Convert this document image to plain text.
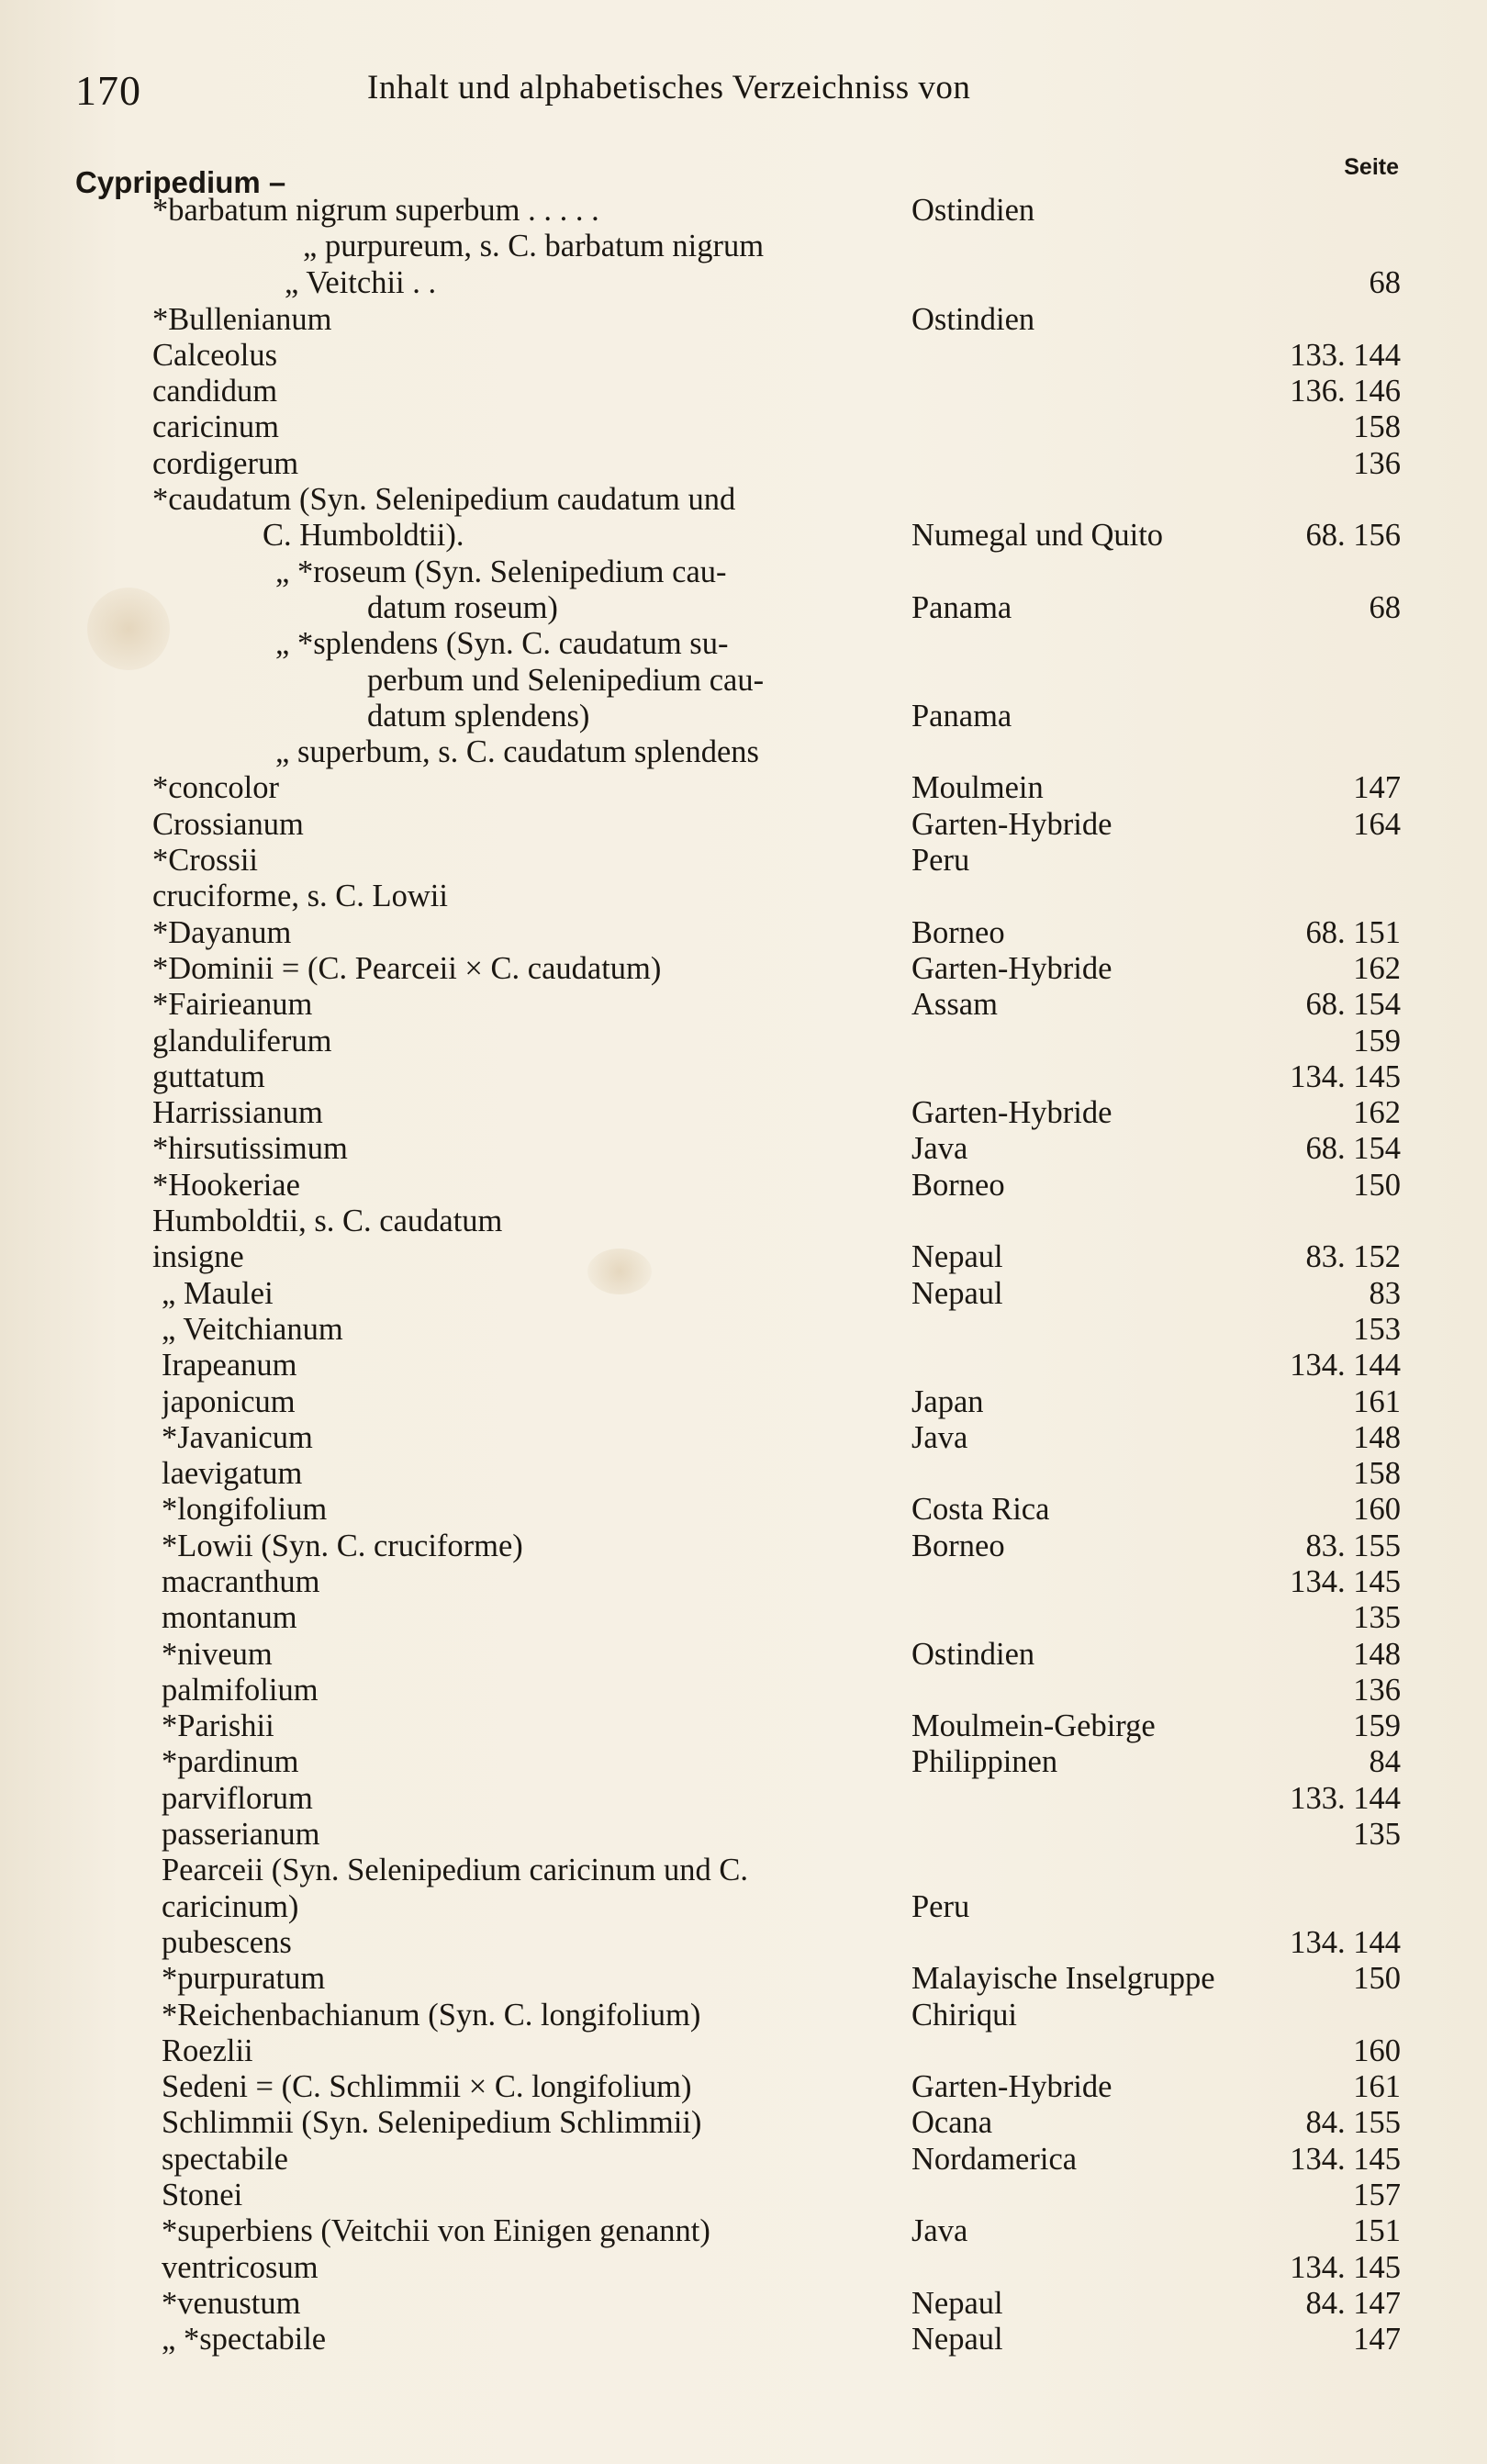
170	Inhalt und alphabetisches Verzeichniss von
Seite
Cypripedium –
*barbatum nigrum superbum . . . . .	Ostindien
„ purpureum, s. C. barbatum nigrum
„ Veitchii . .	68
*Bullenianum	Ostindien
Calceolus	133. 144
candidum	136. 146
caricinum	158
cordigerum	136
*caudatum (Syn. Selenipedium caudatum und
C. Humboldtii).	Numegal und Quito	68. 156
„ *roseum (Syn. Selenipedium cau-
datum roseum)	Panama	68
„ *splendens (Syn. C. caudatum su-
perbum und Selenipedium cau-
datum splendens)	Panama
„ superbum, s. C. caudatum splendens
*concolor	Moulmein	147
Crossianum	Garten-Hybride	164
*Crossii	Peru
cruciforme, s. C. Lowii
*Dayanum	Borneo	68. 151
*Dominii = (C. Pearceii × C. caudatum)	Garten-Hybride	162
*Fairieanum	Assam	68. 154
glanduliferum	159
guttatum	134. 145
Harrissianum	Garten-Hybride	162
*hirsutissimum	Java	68. 154
*Hookeriae	Borneo	150
Humboldtii, s. C. caudatum
insigne	Nepaul	83. 152
„ Maulei	Nepaul	83
„ Veitchianum	153
Irapeanum	134. 144
japonicum	Japan	161
*Javanicum	Java	148
laevigatum	158
*longifolium	Costa Rica	160
*Lowii (Syn. C. cruciforme)	Borneo	83. 155
macranthum	134. 145
montanum	135
*niveum	Ostindien	148
palmifolium	136
*Parishii	Moulmein-Gebirge	159
*pardinum	Philippinen	84
parviflorum	133. 144
passerianum	135
Pearceii (Syn. Selenipedium caricinum und C.
caricinum)	Peru
pubescens	134. 144
*purpuratum	Malayische Inselgruppe	150
*Reichenbachianum (Syn. C. longifolium)	Chiriqui
Roezlii	160
Sedeni = (C. Schlimmii × C. longifolium)	Garten-Hybride	161
Schlimmii (Syn. Selenipedium Schlimmii)	Ocana	84. 155
spectabile	Nordamerica	134. 145
Stonei	157
*superbiens (Veitchii von Einigen genannt)	Java	151
ventricosum	134. 145
*venustum	Nepaul	84. 147
„ *spectabile	Nepaul	147
